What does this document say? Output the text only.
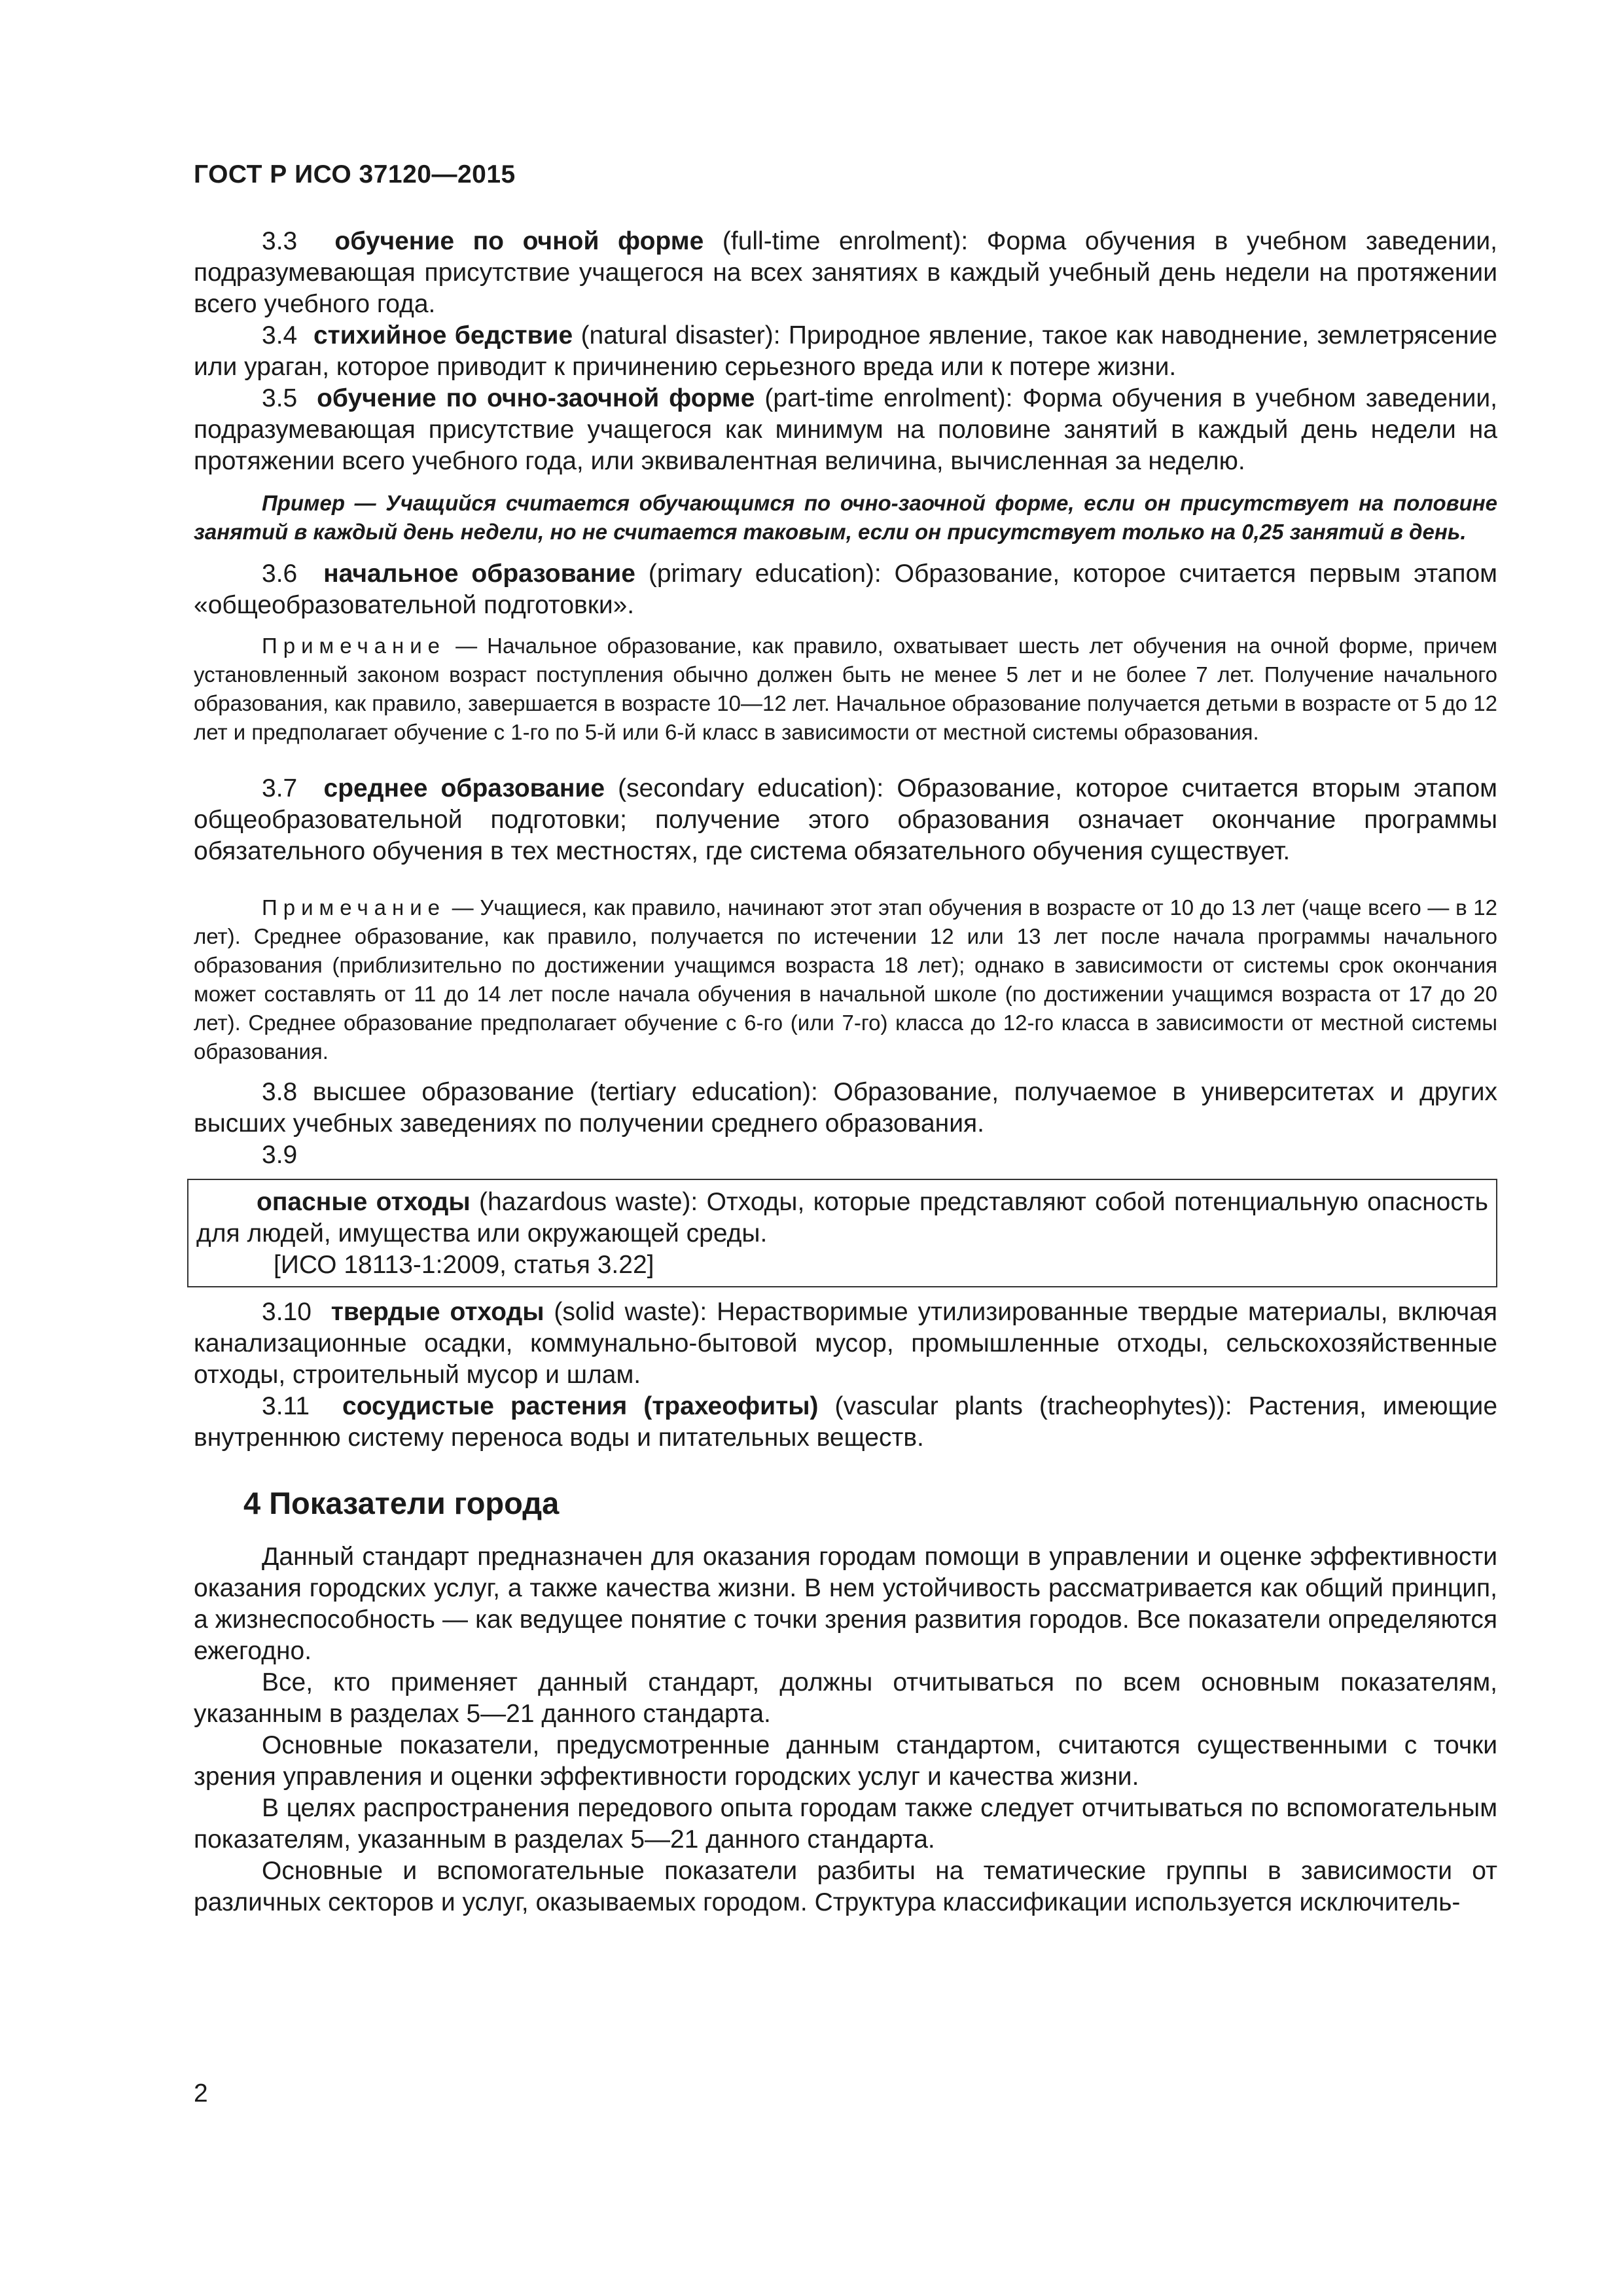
ГОСТ Р ИСО 37120—2015

3.3 обучение по очной форме (full-time enrolment): Форма обучения в учебном заведении, подразумевающая присутствие учащегося на всех занятиях в каждый учебный день недели на протяжении всего учебного года.

3.4 стихийное бедствие (natural disaster): Природное явление, такое как наводнение, землетрясение или ураган, которое приводит к причинению серьезного вреда или к потере жизни.

3.5 обучение по очно-заочной форме (part-time enrolment): Форма обучения в учебном заведении, подразумевающая присутствие учащегося как минимум на половине занятий в каждый день недели на протяжении всего учебного года, или эквивалентная величина, вычисленная за неделю.

Пример — Учащийся считается обучающимся по очно-заочной форме, если он присутствует на половине занятий в каждый день недели, но не считается таковым, если он присутствует только на 0,25 занятий в день.

3.6 начальное образование (primary education): Образование, которое считается первым этапом «общеобразовательной подготовки».

Примечание — Начальное образование, как правило, охватывает шесть лет обучения на очной форме, причем установленный законом возраст поступления обычно должен быть не менее 5 лет и не более 7 лет. Получение начального образования, как правило, завершается в возрасте 10—12 лет. Начальное образование получается детьми в возрасте от 5 до 12 лет и предполагает обучение с 1-го по 5-й или 6-й класс в зависимости от местной системы образования.

3.7 среднее образование (secondary education): Образование, которое считается вторым этапом общеобразовательной подготовки; получение этого образования означает окончание программы обязательного обучения в тех местностях, где система обязательного обучения существует.

Примечание — Учащиеся, как правило, начинают этот этап обучения в возрасте от 10 до 13 лет (чаще всего — в 12 лет). Среднее образование, как правило, получается по истечении 12 или 13 лет после начала программы начального образования (приблизительно по достижении учащимся возраста 18 лет); однако в зависимости от системы срок окончания может составлять от 11 до 14 лет после начала обучения в начальной школе (по достижении учащимся возраста от 17 до 20 лет). Среднее образование предполагает обучение с 6-го (или 7-го) класса до 12-го класса в зависимости от местной системы образования.

3.8 высшее образование (tertiary education): Образование, получаемое в университетах и других высших учебных заведениях по получении среднего образования.

3.9

опасные отходы (hazardous waste): Отходы, которые представляют собой потенциальную опасность для людей, имущества или окружающей среды.

[ИСО 18113-1:2009, статья 3.22]

3.10 твердые отходы (solid waste): Нерастворимые утилизированные твердые материалы, включая канализационные осадки, коммунально-бытовой мусор, промышленные отходы, сельскохозяйственные отходы, строительный мусор и шлам.

3.11 сосудистые растения (трахеофиты) (vascular plants (tracheophytes)): Растения, имеющие внутреннюю систему переноса воды и питательных веществ.

4 Показатели города

Данный стандарт предназначен для оказания городам помощи в управлении и оценке эффективности оказания городских услуг, а также качества жизни. В нем устойчивость рассматривается как общий принцип, а жизнеспособность — как ведущее понятие с точки зрения развития городов. Все показатели определяются ежегодно.

Все, кто применяет данный стандарт, должны отчитываться по всем основным показателям, указанным в разделах 5—21 данного стандарта.

Основные показатели, предусмотренные данным стандартом, считаются существенными с точки зрения управления и оценки эффективности городских услуг и качества жизни.

В целях распространения передового опыта городам также следует отчитываться по вспомогательным показателям, указанным в разделах 5—21 данного стандарта.

Основные и вспомогательные показатели разбиты на тематические группы в зависимости от различных секторов и услуг, оказываемых городом. Структура классификации используется исключитель-

2
